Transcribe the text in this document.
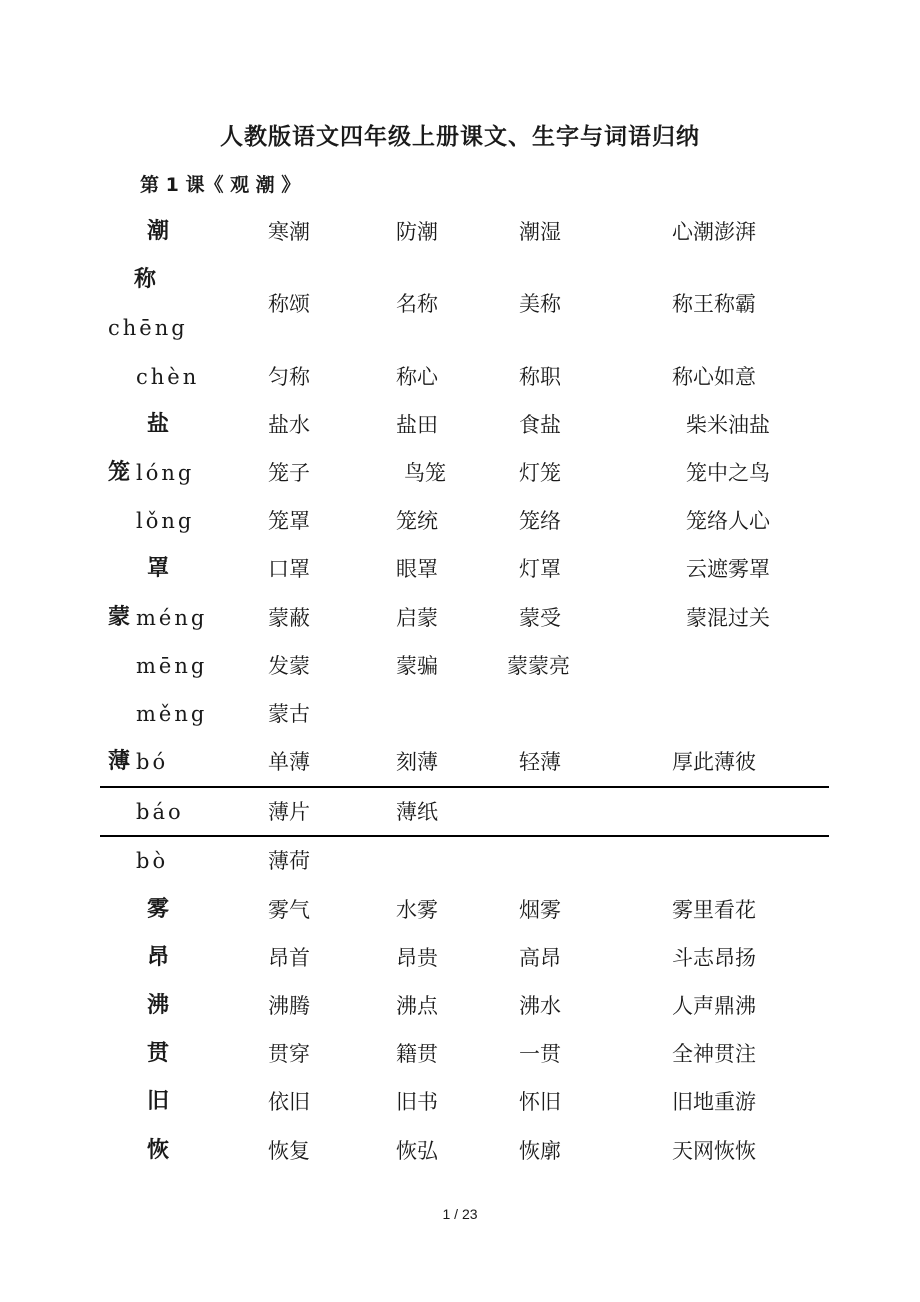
人教版语文四年级上册课文、生字与词语归纳
第 1 课《 观 潮 》
潮	寒潮	防潮	潮湿	心潮澎湃
称
chēng
称颂	名称	美称	称王称霸
chèn	匀称	称心	称职	称心如意
盐	盐水	盐田	食盐	柴米油盐
笼 lóng	笼子	鸟笼	灯笼	笼中之鸟
lǒng	笼罩	笼统	笼络	笼络人心
罩	口罩	眼罩	灯罩	云遮雾罩
蒙 méng	蒙蔽	启蒙	蒙受	蒙混过关
mēng	发蒙	蒙骗	蒙蒙亮
měng	蒙古
薄 bó	单薄	刻薄	轻薄	厚此薄彼
báo	薄片	薄纸
bò	薄荷
雾	雾气	水雾	烟雾	雾里看花
昂	昂首	昂贵	高昂	斗志昂扬
沸	沸腾	沸点	沸水	人声鼎沸
贯	贯穿	籍贯	一贯	全神贯注
旧	依旧	旧书	怀旧	旧地重游
恢	恢复	恢弘	恢廓	天网恢恢
1 / 23
